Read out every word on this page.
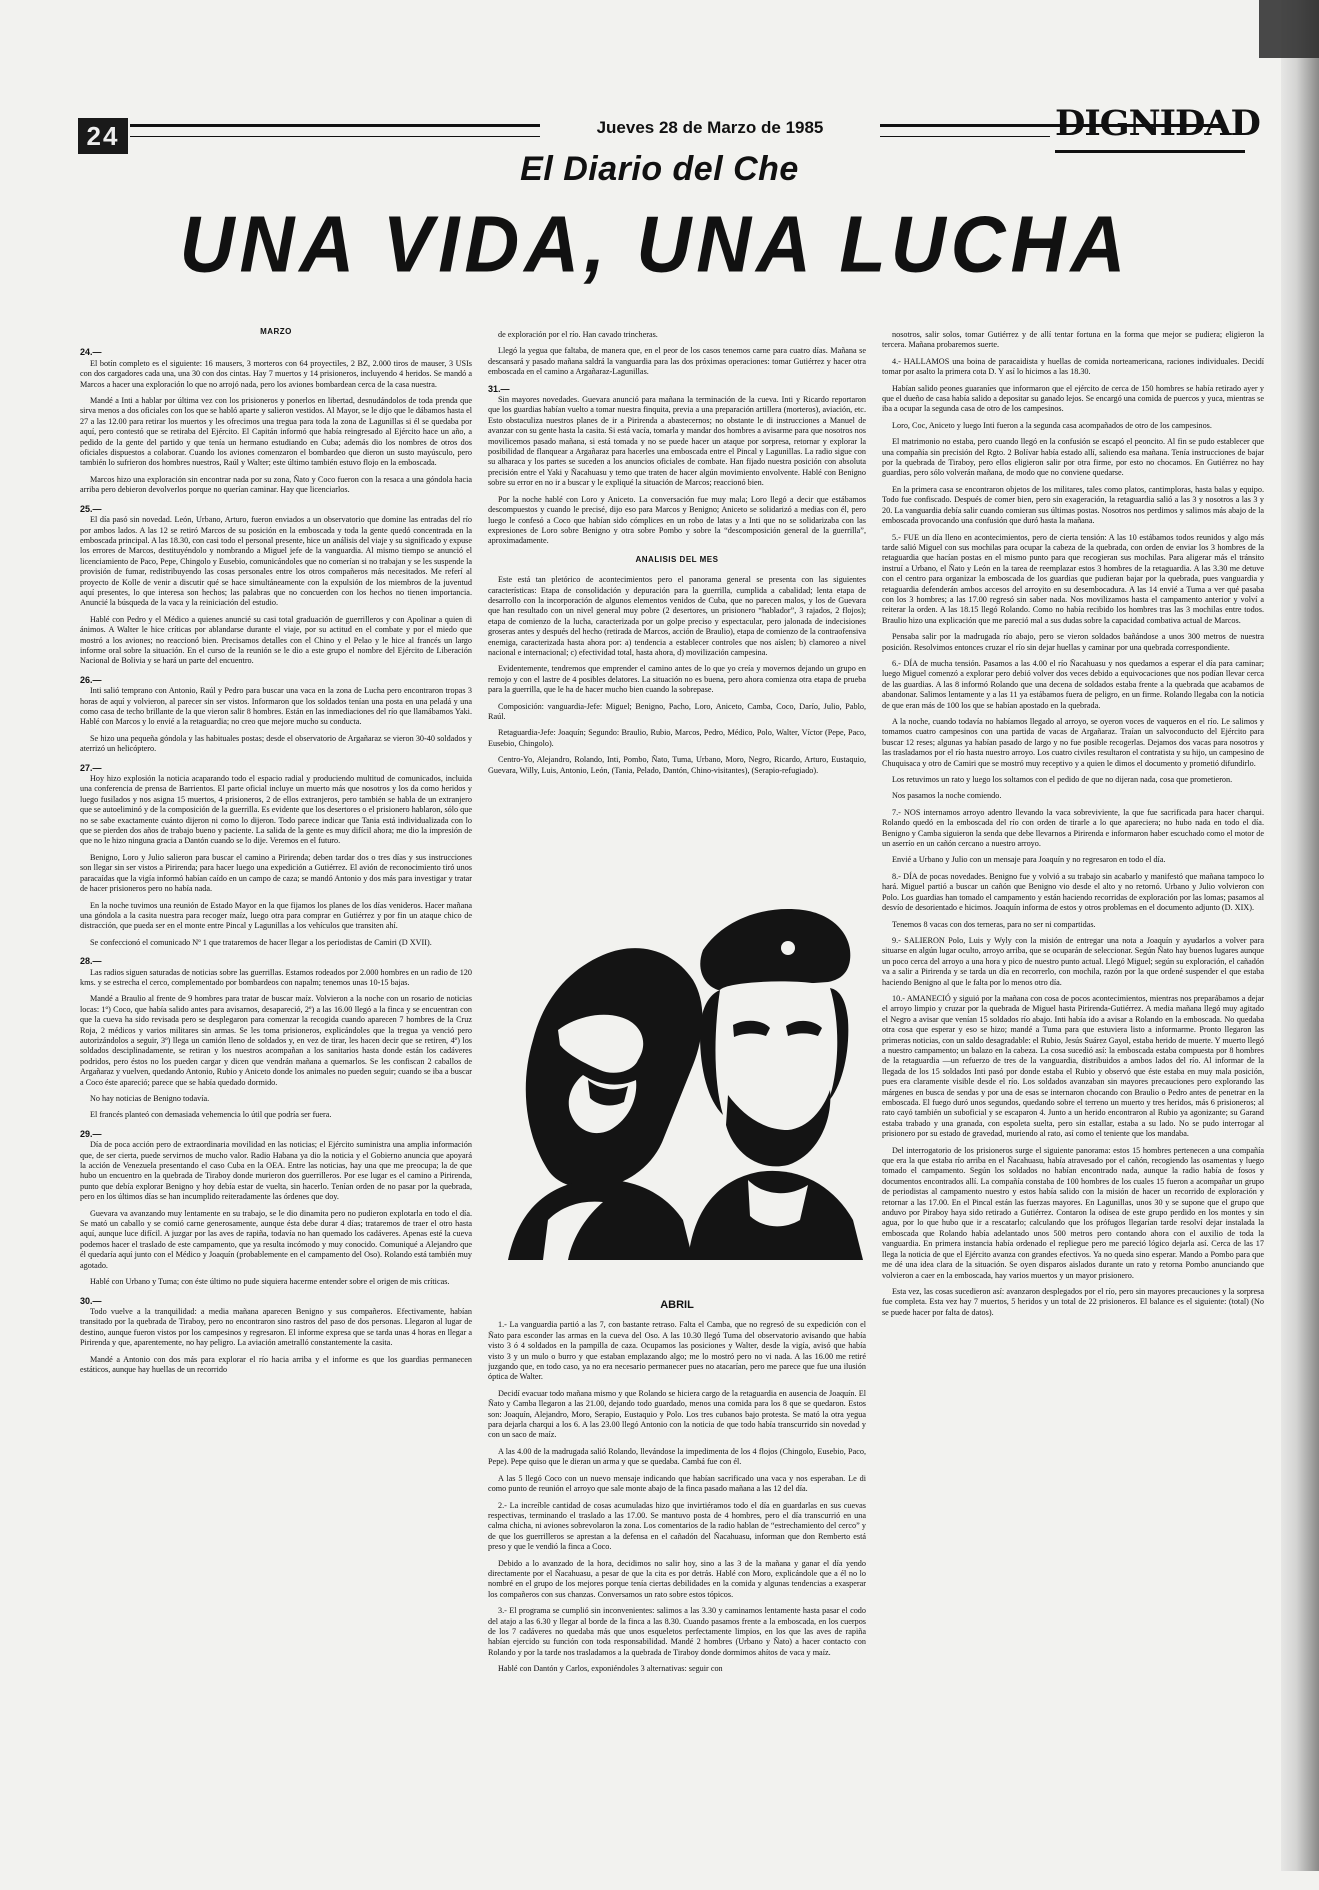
24	Jueves 28 de Marzo de 1985	DIGNIDAD
El Diario del Che
UNA VIDA, UNA LUCHA
MARZO
24.—

El botín completo es el siguiente: 16 mausers, 3 morteros con 64 proyectiles, 2 BZ, 2.000 tiros de mauser, 3 USIs con dos cargadores cada una, una 30 con dos cintas. Hay 7 muertos y 14 prisioneros, incluyendo 4 heridos. Se mandó a Marcos a hacer una exploración lo que no arrojó nada, pero los aviones bombardean cerca de la casa nuestra.

Mandé a Inti a hablar por última vez con los prisioneros y ponerlos en libertad, desnudándolos de toda prenda que sirva menos a dos oficiales con los que se habló aparte y salieron vestidos. Al Mayor, se le dijo que le dábamos hasta el 27 a las 12.00 para retirar los muertos y les ofrecimos una tregua para toda la zona de Lagunillas si él se quedaba por aquí, pero contestó que se retiraba del Ejército. El Capitán informó que había reingresado al Ejército hace un año, a pedido de la gente del partido y que tenía un hermano estudiando en Cuba; además dio los nombres de otros dos oficiales dispuestos a colaborar. Cuando los aviones comenzaron el bombardeo que dieron un susto mayúsculo, pero también lo sufrieron dos hombres nuestros, Raúl y Walter; este último también estuvo flojo en la emboscada.

Marcos hizo una exploración sin encontrar nada por su zona, Ñato y Coco fueron con la resaca a una góndola hacia arriba pero debieron devolverlos porque no querían caminar. Hay que licenciarlos.

25.—

El día pasó sin novedad. León, Urbano, Arturo, fueron enviados a un observatorio que domine las entradas del río por ambos lados. A las 12 se retiró Marcos de su posición en la emboscada y toda la gente quedó concentrada en la emboscada principal. A las 18.30, con casi todo el personal presente, hice un análisis del viaje y su significado y expuse los errores de Marcos, destituyéndolo y nombrando a Miguel jefe de la vanguardia. Al mismo tiempo se anunció el licenciamiento de Paco, Pepe, Chingolo y Eusebio, comunicándoles que no comerían si no trabajan y se les suspende la provisión de fumar, redistribuyendo las cosas personales entre los otros compañeros más necesitados. Me referí al proyecto de Kolle de venir a discutir qué se hace simultáneamente con la expulsión de los miembros de la juventud aquí presentes, lo que interesa son hechos; las palabras que no concuerden con los hechos no tienen importancia. Anuncié la búsqueda de la vaca y la reiniciación del estudio.

Hablé con Pedro y el Médico a quienes anuncié su casi total graduación de guerrilleros y con Apolinar a quien di ánimos. A Walter le hice críticas por ablandarse durante el viaje, por su actitud en el combate y por el miedo que mostró a los aviones; no reaccionó bien. Precisamos detalles con el Chino y el Pelao y le hice al francés un largo informe oral sobre la situación. En el curso de la reunión se le dio a este grupo el nombre del Ejército de Liberación Nacional de Bolivia y se hará un parte del encuentro.

26.—

Inti salió temprano con Antonio, Raúl y Pedro para buscar una vaca en la zona de Lucha pero encontraron tropas 3 horas de aquí y volvieron, al parecer sin ser vistos. Informaron que los soldados tenían una posta en una peladá y una como casa de techo brillante de la que vieron salir 8 hombres. Están en las inmediaciones del río que llamábamos Yaki. Hablé con Marcos y lo envié a la retaguardia; no creo que mejore mucho su conducta.

Se hizo una pequeña góndola y las habituales postas; desde el observatorio de Argañaraz se vieron 30-40 soldados y aterrizó un helicóptero.

27.—

Hoy hizo explosión la noticia acaparando todo el espacio radial y produciendo multitud de comunicados, incluida una conferencia de prensa de Barrientos. El parte oficial incluye un muerto más que nosotros y los da como heridos y luego fusilados y nos asigna 15 muertos, 4 prisioneros, 2 de ellos extranjeros, pero también se habla de un extranjero que se autoeliminó y de la composición de la guerrilla. Es evidente que los desertores o el prisionero hablaron, sólo que no se sabe exactamente cuánto dijeron ni como lo dijeron. Todo parece indicar que Tania está individualizada con lo que se pierden dos años de trabajo bueno y paciente. La salida de la gente es muy difícil ahora; me dio la impresión de que no le hizo ninguna gracia a Dantón cuando se lo dije. Veremos en el futuro.

Benigno, Loro y Julio salieron para buscar el camino a Pirirenda; deben tardar dos o tres días y sus instrucciones son llegar sin ser vistos a Pirirenda; para hacer luego una expedición a Gutiérrez. El avión de reconocimiento tiró unos paracaídas que la vigía informó habían caído en un campo de caza; se mandó Antonio y dos más para investigar y tratar de hacer prisioneros pero no había nada.

En la noche tuvimos una reunión de Estado Mayor en la que fijamos los planes de los días venideros. Hacer mañana una góndola a la casita nuestra para recoger maíz, luego otra para comprar en Gutiérrez y por fin un ataque chico de distracción, que pueda ser en el monte entre Pincal y Lagunillas a los vehículos que transiten ahí.

Se confeccionó el comunicado Nº 1 que trataremos de hacer llegar a los periodistas de Camiri (D XVII).

28.—

Las radios siguen saturadas de noticias sobre las guerrillas. Estamos rodeados por 2.000 hombres en un radio de 120 kms. y se estrecha el cerco, complementado por bombardeos con napalm; tenemos unas 10-15 bajas.

Mandé a Braulio al frente de 9 hombres para tratar de buscar maíz. Volvieron a la noche con un rosario de noticias locas: 1º) Coco, que había salido antes para avisarnos, desapareció, 2º) a las 16.00 llegó a la finca y se encuentran con que la cueva ha sido revisada pero se desplegaron para comenzar la recogida cuando aparecen 7 hombres de la Cruz Roja, 2 médicos y varios militares sin armas. Se les toma prisioneros, explicándoles que la tregua ya venció pero autorizándolos a seguir, 3º) llega un camión lleno de soldados y, en vez de tirar, les hacen decir que se retiren, 4º) los soldados desciplinadamente, se retiran y los nuestros acompañan a los sanitarios hasta donde están los cadáveres podridos, pero éstos no los pueden cargar y dicen que vendrán mañana a quemarlos. Se les confiscan 2 caballos de Argañaraz y vuelven, quedando Antonio, Rubio y Aniceto donde los animales no pueden seguir; cuando se iba a buscar a Coco éste apareció; parece que se había quedado dormido.

No hay noticias de Benigno todavía.

El francés planteó con demasiada vehemencia lo útil que podría ser fuera.

29.—

Día de poca acción pero de extraordinaria movilidad en las noticias; el Ejército suministra una amplia información que, de ser cierta, puede servirnos de mucho valor. Radio Habana ya dio la noticia y el Gobierno anuncia que apoyará la acción de Venezuela presentando el caso Cuba en la OEA. Entre las noticias, hay una que me preocupa; la de que hubo un encuentro en la quebrada de Tiraboy donde murieron dos guerrilleros. Por ese lugar es el camino a Pirirenda, punto que debía explorar Benigno y hoy debía estar de vuelta, sin hacerlo. Tenían orden de no pasar por la quebrada, pero en los últimos días se han incumplido reiteradamente las órdenes que doy.

Guevara va avanzando muy lentamente en su trabajo, se le dio dinamita pero no pudieron explotarla en todo el día. Se mató un caballo y se comió carne generosamente, aunque ésta debe durar 4 días; trataremos de traer el otro hasta aquí, aunque luce difícil. A juzgar por las aves de rapiña, todavía no han quemado los cadáveres. Apenas esté la cueva podemos hacer el traslado de este campamento, que ya resulta incómodo y muy conocido. Comuniqué a Alejandro que él quedaría aquí junto con el Médico y Joaquín (probablemente en el campamento del Oso). Rolando está también muy agotado.

Hablé con Urbano y Tuma; con éste último no pude siquiera hacerme entender sobre el origen de mis críticas.

30.—

Todo vuelve a la tranquilidad: a media mañana aparecen Benigno y sus compañeros. Efectivamente, habían transitado por la quebrada de Tiraboy, pero no encontraron sino rastros del paso de dos personas. Llegaron al lugar de destino, aunque fueron vistos por los campesinos y regresaron. El informe expresa que se tarda unas 4 horas en llegar a Pirirenda y que, aparentemente, no hay peligro. La aviación ametralló constantemente la casita.

Mandé a Antonio con dos más para explorar el río hacia arriba y el informe es que los guardias permanecen estáticos, aunque hay huellas de un recorrido

de exploración por el río. Han cavado trincheras.

Llegó la yegua que faltaba, de manera que, en el peor de los casos tenemos carne para cuatro días. Mañana se descansará y pasado mañana saldrá la vanguardia para las dos próximas operaciones: tomar Gutiérrez y hacer otra emboscada en el camino a Argañaraz-Lagunillas.

31.—

Sin mayores novedades. Guevara anunció para mañana la terminación de la cueva. Inti y Ricardo reportaron que los guardias habían vuelto a tomar nuestra finquita, previa a una preparación artillera (morteros), aviación, etc. Esto obstaculiza nuestros planes de ir a Pirirenda a abastecernos; no obstante le di instrucciones a Manuel de avanzar con su gente hasta la casita. Si está vacía, tomarla y mandar dos hombres a avisarme para que nosotros nos movilicemos pasado mañana, si está tomada y no se puede hacer un ataque por sorpresa, retornar y explorar la posibilidad de flanquear a Argañaraz para hacerles una emboscada entre el Pincal y Lagunillas. La radio sigue con su alharaca y los partes se suceden a los anuncios oficiales de combate. Han fijado nuestra posición con absoluta precisión entre el Yaki y Ñacahuasu y temo que traten de hacer algún movimiento envolvente. Hablé con Benigno sobre su error en no ir a buscar y le expliqué la situación de Marcos; reaccionó bien.

Por la noche hablé con Loro y Aniceto. La conversación fue muy mala; Loro llegó a decir que estábamos descompuestos y cuando le precisé, dijo eso para Marcos y Benigno; Aniceto se solidarizó a medias con él, pero luego le confesó a Coco que habían sido cómplices en un robo de latas y a Inti que no se solidarizaba con las expresiones de Loro sobre Benigno y otra sobre Pombo y sobre la “descomposición general de la guerrilla”, aproximadamente.

ANALISIS DEL MES

Este está tan pletórico de acontecimientos pero el panorama general se presenta con las siguientes características: Etapa de consolidación y depuración para la guerrilla, cumplida a cabalidad; lenta etapa de desarrollo con la incorporación de algunos elementos venidos de Cuba, que no parecen malos, y los de Guevara que han resultado con un nivel general muy pobre (2 desertores, un prisionero “hablador”, 3 rajados, 2 flojos); etapa de comienzo de la lucha, caracterizada por un golpe preciso y espectacular, pero jalonada de indecisiones groseras antes y después del hecho (retirada de Marcos, acción de Braulio), etapa de comienzo de la contraofensiva enemiga, caracterizada hasta ahora por: a) tendencia a establecer controles que nos aíslen; b) clamoreo a nivel nacional e internacional; c) efectividad total, hasta ahora, d) movilización campesina.

Evidentemente, tendremos que emprender el camino antes de lo que yo creía y movernos dejando un grupo en remojo y con el lastre de 4 posibles delatores. La situación no es buena, pero ahora comienza otra etapa de prueba para la guerrilla, que le ha de hacer mucho bien cuando la sobrepase.

Composición: vanguardia-Jefe: Miguel; Benigno, Pacho, Loro, Aniceto, Camba, Coco, Darío, Julio, Pablo, Raúl.

Retaguardia-Jefe: Joaquín; Segundo: Braulio, Rubio, Marcos, Pedro, Médico, Polo, Walter, Víctor (Pepe, Paco, Eusebio, Chingolo).

Centro-Yo, Alejandro, Rolando, Inti, Pombo, Ñato, Tuma, Urbano, Moro, Negro, Ricardo, Arturo, Eustaquio, Guevara, Willy, Luis, Antonio, León, (Tania, Pelado, Dantón, Chino-visitantes), (Serapio-refugiado).

ABRIL

1.- La vanguardia partió a las 7, con bastante retraso. Falta el Camba, que no regresó de su expedición con el Ñato para esconder las armas en la cueva del Oso. A las 10.30 llegó Tuma del observatorio avisando que había visto 3 ó 4 soldados en la pampilla de caza. Ocupamos las posiciones y Walter, desde la vigía, avisó que había visto 3 y un mulo o burro y que estaban emplazando algo; me lo mostró pero no vi nada. A las 16.00 me retiré juzgando que, en todo caso, ya no era necesario permanecer pues no atacarían, pero me parece que fue una ilusión óptica de Walter.

Decidí evacuar todo mañana mismo y que Rolando se hiciera cargo de la retaguardia en ausencia de Joaquín. El Ñato y Camba llegaron a las 21.00, dejando todo guardado, menos una comida para los 8 que se quedaron. Estos son: Joaquín, Alejandro, Moro, Serapio, Eustaquio y Polo. Los tres cubanos bajo protesta. Se mató la otra yegua para dejarla charqui a los 6. A las 23.00 llegó Antonio con la noticia de que todo había transcurrido sin novedad y con un saco de maíz.

A las 4.00 de la madrugada salió Rolando, llevándose la impedimenta de los 4 flojos (Chingolo, Eusebio, Paco, Pepe). Pepe quiso que le dieran un arma y que se quedaba. Cambá fue con él.

A las 5 llegó Coco con un nuevo mensaje indicando que habían sacrificado una vaca y nos esperaban. Le di como punto de reunión el arroyo que sale monte abajo de la finca pasado mañana a las 12 del día.

2.- La increíble cantidad de cosas acumuladas hizo que invirtiéramos todo el día en guardarlas en sus cuevas respectivas, terminando el traslado a las 17.00. Se mantuvo posta de 4 hombres, pero el día transcurrió en una calma chicha, ni aviones sobrevolaron la zona. Los comentarios de la radio hablan de “estrechamiento del cerco” y de que los guerrilleros se aprestan a la defensa en el cañadón del Ñacahuasu, informan que don Remberto está preso y que le vendió la finca a Coco.

Debido a lo avanzado de la hora, decidimos no salir hoy, sino a las 3 de la mañana y ganar el día yendo directamente por el Ñacahuasu, a pesar de que la cita es por detrás. Hablé con Moro, explicándole que a él no lo nombré en el grupo de los mejores porque tenía ciertas debilidades en la comida y algunas tendencias a exasperar los compañeros con sus chanzas. Conversamos un rato sobre estos tópicos.

3.- El programa se cumplió sin inconvenientes: salimos a las 3.30 y caminamos lentamente hasta pasar el codo del atajo a las 6.30 y llegar al borde de la finca a las 8.30. Cuando pasamos frente a la emboscada, en los cuerpos de los 7 cadáveres no quedaba más que unos esqueletos perfectamente limpios, en los que las aves de rapiña habían ejercido su función con toda responsabilidad. Mandé 2 hombres (Urbano y Ñato) a hacer contacto con Rolando y por la tarde nos trasladamos a la quebrada de Tiraboy donde dormimos ahítos de vaca y maíz.

Hablé con Dantón y Carlos, exponiéndoles 3 alternativas: seguir con

nosotros, salir solos, tomar Gutiérrez y de allí tentar fortuna en la forma que mejor se pudiera; eligieron la tercera. Mañana probaremos suerte.

4.- HALLAMOS una boina de paracaidista y huellas de comida norteamericana, raciones individuales. Decidí tomar por asalto la primera cota D. Y así lo hicimos a las 18.30.

Habían salido peones guaraníes que informaron que el ejército de cerca de 150 hombres se había retirado ayer y que el dueño de casa había salido a depositar su ganado lejos. Se encargó una comida de puercos y yuca, mientras se iba a ocupar la segunda casa de otro de los campesinos.

Loro, Coc, Aniceto y luego Inti fueron a la segunda casa acompañados de otro de los campesinos.

El matrimonio no estaba, pero cuando llegó en la confusión se escapó el peoncito. Al fin se pudo establecer que una compañía sin precisión del Rgto. 2 Bolívar había estado allí, saliendo esa mañana. Tenía instrucciones de bajar por la quebrada de Tiraboy, pero ellos eligieron salir por otra firme, por esto no chocamos. En Gutiérrez no hay guardias, pero sólo volverán mañana, de modo que no conviene quedarse.

En la primera casa se encontraron objetos de los militares, tales como platos, cantimploras, hasta balas y equipo. Todo fue confiscado. Después de comer bien, pero sin exageración, la retaguardia salió a las 3 y nosotros a las 3 y 20. La vanguardia debía salir cuando comieran sus últimas postas. Nosotros nos perdimos y salimos más abajo de la emboscada provocando una confusión que duró hasta la mañana.

5.- FUE un día lleno en acontecimientos, pero de cierta tensión: A las 10 estábamos todos reunidos y algo más tarde salió Miguel con sus mochilas para ocupar la cabeza de la quebrada, con orden de enviar los 3 hombres de la retaguardia que hacían postas en el mismo punto para que recogieran sus mochilas. Para aligerar más el tránsito instruí a Urbano, el Ñato y León en la tarea de reemplazar estos 3 hombres de la retaguardia. A las 3.30 me detuve con el centro para organizar la emboscada de los guardias que pudieran bajar por la quebrada, pues vanguardia y retaguardia defenderán ambos accesos del arroyito en su desembocadura. A las 14 envié a Tuma a ver qué pasaba con los 3 hombres; a las 17.00 regresó sin saber nada. Nos movilizamos hasta el campamento anterior y volví a reiterar la orden. A las 18.15 llegó Rolando. Como no había recibido los hombres tras las 3 mochilas entre todos. Braulio hizo una explicación que me pareció mal a sus dudas sobre la capacidad combativa actual de Marcos.

Pensaba salir por la madrugada río abajo, pero se vieron soldados bañándose a unos 300 metros de nuestra posición. Resolvimos entonces cruzar el río sin dejar huellas y caminar por una quebrada correspondiente.

6.- DÍA de mucha tensión. Pasamos a las 4.00 el río Ñacahuasu y nos quedamos a esperar el día para caminar; luego Miguel comenzó a explorar pero debió volver dos veces debido a equivocaciones que nos podían llevar cerca de las guardias. A las 8 informó Rolando que una decena de soldados estaba frente a la quebrada que acabamos de abandonar. Salimos lentamente y a las 11 ya estábamos fuera de peligro, en un firme. Rolando llegaba con la noticia de que eran más de 100 los que se habían apostado en la quebrada.

A la noche, cuando todavía no habíamos llegado al arroyo, se oyeron voces de vaqueros en el río. Le salimos y tomamos cuatro campesinos con una partida de vacas de Argañaraz. Traían un salvoconducto del Ejército para buscar 12 reses; algunas ya habían pasado de largo y no fue posible recogerlas. Dejamos dos vacas para nosotros y las trasladamos por el río hasta nuestro arroyo. Los cuatro civiles resultaron el contratista y su hijo, un campesino de Chuquisaca y otro de Camiri que se mostró muy receptivo y a quien le dimos el documento y prometió difundirlo.

Los retuvimos un rato y luego los soltamos con el pedido de que no dijeran nada, cosa que prometieron.

Nos pasamos la noche comiendo.

7.- NOS internamos arroyo adentro llevando la vaca sobreviviente, la que fue sacrificada para hacer charqui. Rolando quedó en la emboscada del río con orden de tirarle a lo que apareciera; no hubo nada en todo el día. Benigno y Camba siguieron la senda que debe llevarnos a Pirirenda e informaron haber escuchado como el motor de un aserrío en un cañón cercano a nuestro arroyo.

Envié a Urbano y Julio con un mensaje para Joaquín y no regresaron en todo el día.

8.- DÍA de pocas novedades. Benigno fue y volvió a su trabajo sin acabarlo y manifestó que mañana tampoco lo hará. Miguel partió a buscar un cañón que Benigno vio desde el alto y no retornó. Urbano y Julio volvieron con Polo. Los guardias han tomado el campamento y están haciendo recorridas de exploración por las lomas; pasamos al desvío de desorientado e hicimos. Joaquín informa de estos y otros problemas en el documento adjunto (D. XIX).

Tenemos 8 vacas con dos terneras, para no ser ni compartidas.

9.- SALIERON Polo, Luis y Wyly con la misión de entregar una nota a Joaquín y ayudarlos a volver para situarse en algún lugar oculto, arroyo arriba, que se ocuparán de seleccionar. Según Ñato hay buenos lugares aunque un poco cerca del arroyo a una hora y pico de nuestro punto actual. Llegó Miguel; según su exploración, el cañadón va a salir a Pirirenda y se tarda un día en recorrerlo, con mochila, razón por la que ordené suspender el que estaba haciendo Benigno al que le falta por lo menos otro día.

10.- AMANECIÓ y siguió por la mañana con cosa de pocos acontecimientos, mientras nos preparábamos a dejar el arroyo limpio y cruzar por la quebrada de Miguel hasta Pirirenda-Gutiérrez. A media mañana llegó muy agitado el Negro a avisar que venían 15 soldados río abajo. Inti había ido a avisar a Rolando en la emboscada. No quedaba otra cosa que esperar y eso se hizo; mandé a Tuma para que estuviera listo a informarme. Pronto llegaron las primeras noticias, con un saldo desagradable: el Rubio, Jesús Suárez Gayol, estaba herido de muerte. Y muerto llegó a nuestro campamento; un balazo en la cabeza. La cosa sucedió así: la emboscada estaba compuesta por 8 hombres de la retaguardia —un refuerzo de tres de la vanguardia, distribuidos a ambos lados del río. Al informar de la llegada de los 15 soldados Inti pasó por donde estaba el Rubio y observó que éste estaba en muy mala posición, pues era claramente visible desde el río. Los soldados avanzaban sin mayores precauciones pero explorando las márgenes en busca de sendas y por una de esas se internaron chocando con Braulio o Pedro antes de penetrar en la emboscada. El fuego duró unos segundos, quedando sobre el terreno un muerto y tres heridos, más 6 prisioneros; al rato cayó también un suboficial y se escaparon 4. Junto a un herido encontraron al Rubio ya agonizante; su Garand estaba trabado y una granada, con espoleta suelta, pero sin estallar, estaba a su lado. No se pudo interrogar al prisionero por su estado de gravedad, muriendo al rato, así como el teniente que los mandaba.

Del interrogatorio de los prisioneros surge el siguiente panorama: estos 15 hombres pertenecen a una compañía que era la que estaba río arriba en el Ñacahuasu, había atravesado por el cañón, recogiendo las osamentas y luego tomado el campamento. Según los soldados no habían encontrado nada, aunque la radio había de fosos y documentos encontrados allí. La compañía constaba de 100 hombres de los cuales 15 fueron a acompañar un grupo de periodistas al campamento nuestro y estos había salido con la misión de hacer un recorrido de exploración y retornar a las 17.00. En el Pincal están las fuerzas mayores. En Lagunillas, unos 30 y se supone que el grupo que anduvo por Piraboy haya sido retirado a Gutiérrez. Contaron la odisea de este grupo perdido en los montes y sin agua, por lo que hubo que ir a rescatarlo; calculando que los prófugos llegarían tarde resolví dejar instalada la emboscada que Rolando había adelantado unos 500 metros pero contando ahora con el auxilio de toda la vanguardia. En primera instancia había ordenado el repliegue pero me pareció lógico dejarla así. Cerca de las 17 llega la noticia de que el Ejército avanza con grandes efectivos. Ya no queda sino esperar. Mando a Pombo para que me dé una idea clara de la situación. Se oyen disparos aislados durante un rato y retorna Pombo anunciando que volvieron a caer en la emboscada, hay varios muertos y un mayor prisionero.

Esta vez, las cosas sucedieron así: avanzaron desplegados por el río, pero sin mayores precauciones y la sorpresa fue completa. Esta vez hay 7 muertos, 5 heridos y un total de 22 prisioneros. El balance es el siguiente: (total) (No se puede hacer por falta de datos).
